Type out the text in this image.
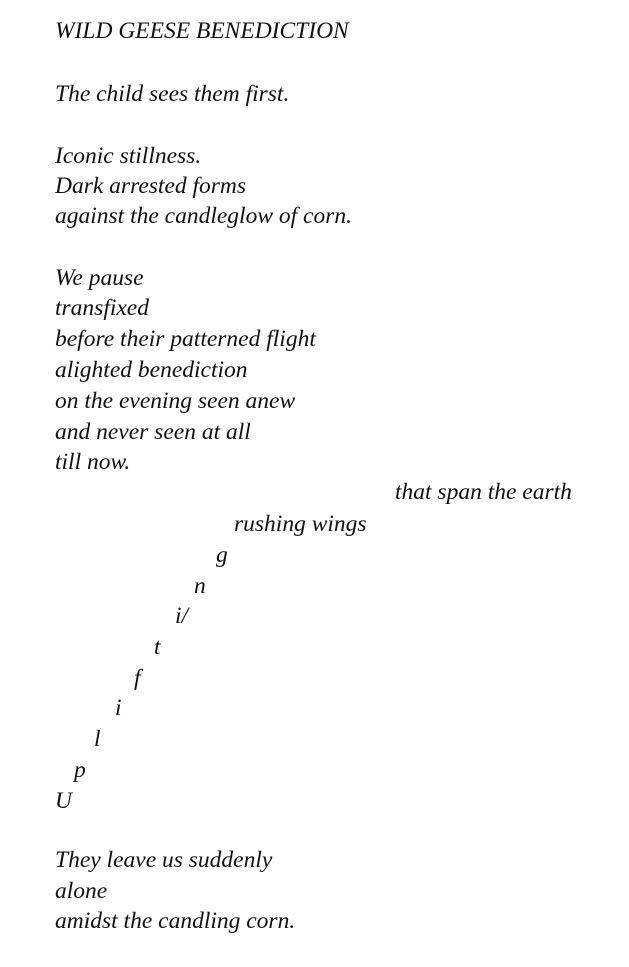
WILD GEESE BENEDICTION
The child sees them first.
Iconic stillness.
Dark arrested forms
against the candleglow of corn.
We pause
transfixed
before their patterned flight
alighted benediction
on the evening seen anew
and never seen at all
till now.
that span the earth
rushing wings
g
n
i/
t
f
i
l
p
U
They leave us suddenly
alone
amidst the candling corn.
